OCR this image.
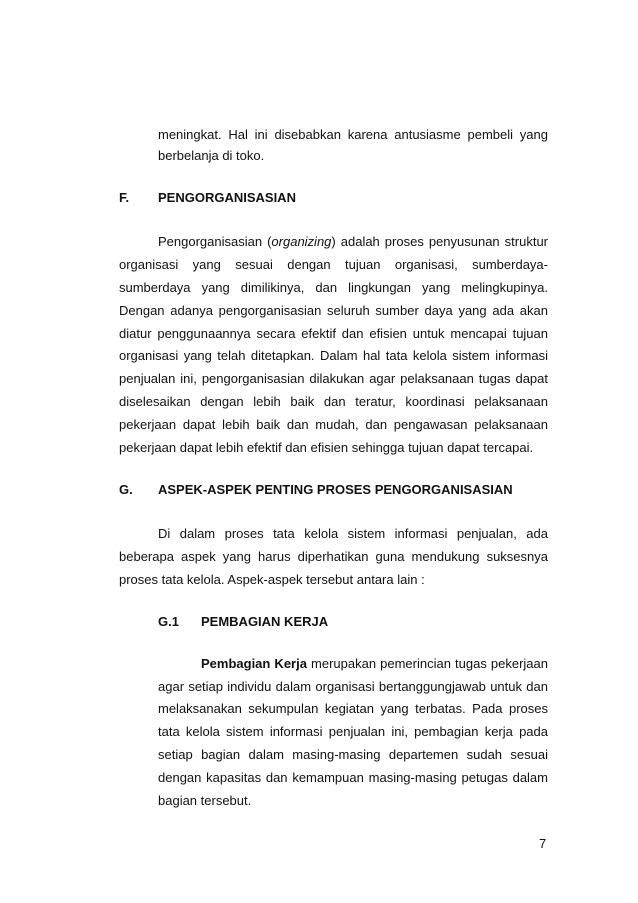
meningkat. Hal ini disebabkan karena antusiasme pembeli yang
berbelanja di toko.
F. PENGORGANISASIAN
Pengorganisasian (organizing) adalah proses penyusunan struktur
organisasi yang sesuai dengan tujuan organisasi, sumberdaya-
sumberdaya yang dimilikinya, dan lingkungan yang melingkupinya.
Dengan adanya pengorganisasian seluruh sumber daya yang ada akan
diatur penggunaannya secara efektif dan efisien untuk mencapai tujuan
organisasi yang telah ditetapkan. Dalam hal tata kelola sistem informasi
penjualan ini, pengorganisasian dilakukan agar pelaksanaan tugas dapat
diselesaikan dengan lebih baik dan teratur, koordinasi pelaksanaan
pekerjaan dapat lebih baik dan mudah, dan pengawasan pelaksanaan
pekerjaan dapat lebih efektif dan efisien sehingga tujuan dapat tercapai.
G. ASPEK-ASPEK PENTING PROSES PENGORGANISASIAN
Di dalam proses tata kelola sistem informasi penjualan, ada
beberapa aspek yang harus diperhatikan guna mendukung suksesnya
proses tata kelola. Aspek-aspek tersebut antara lain :
G.1 PEMBAGIAN KERJA
Pembagian Kerja merupakan pemerincian tugas pekerjaan
agar setiap individu dalam organisasi bertanggungjawab untuk dan
melaksanakan sekumpulan kegiatan yang terbatas. Pada proses
tata kelola sistem informasi penjualan ini, pembagian kerja pada
setiap bagian dalam masing-masing departemen sudah sesuai
dengan kapasitas dan kemampuan masing-masing petugas dalam
bagian tersebut.
7
